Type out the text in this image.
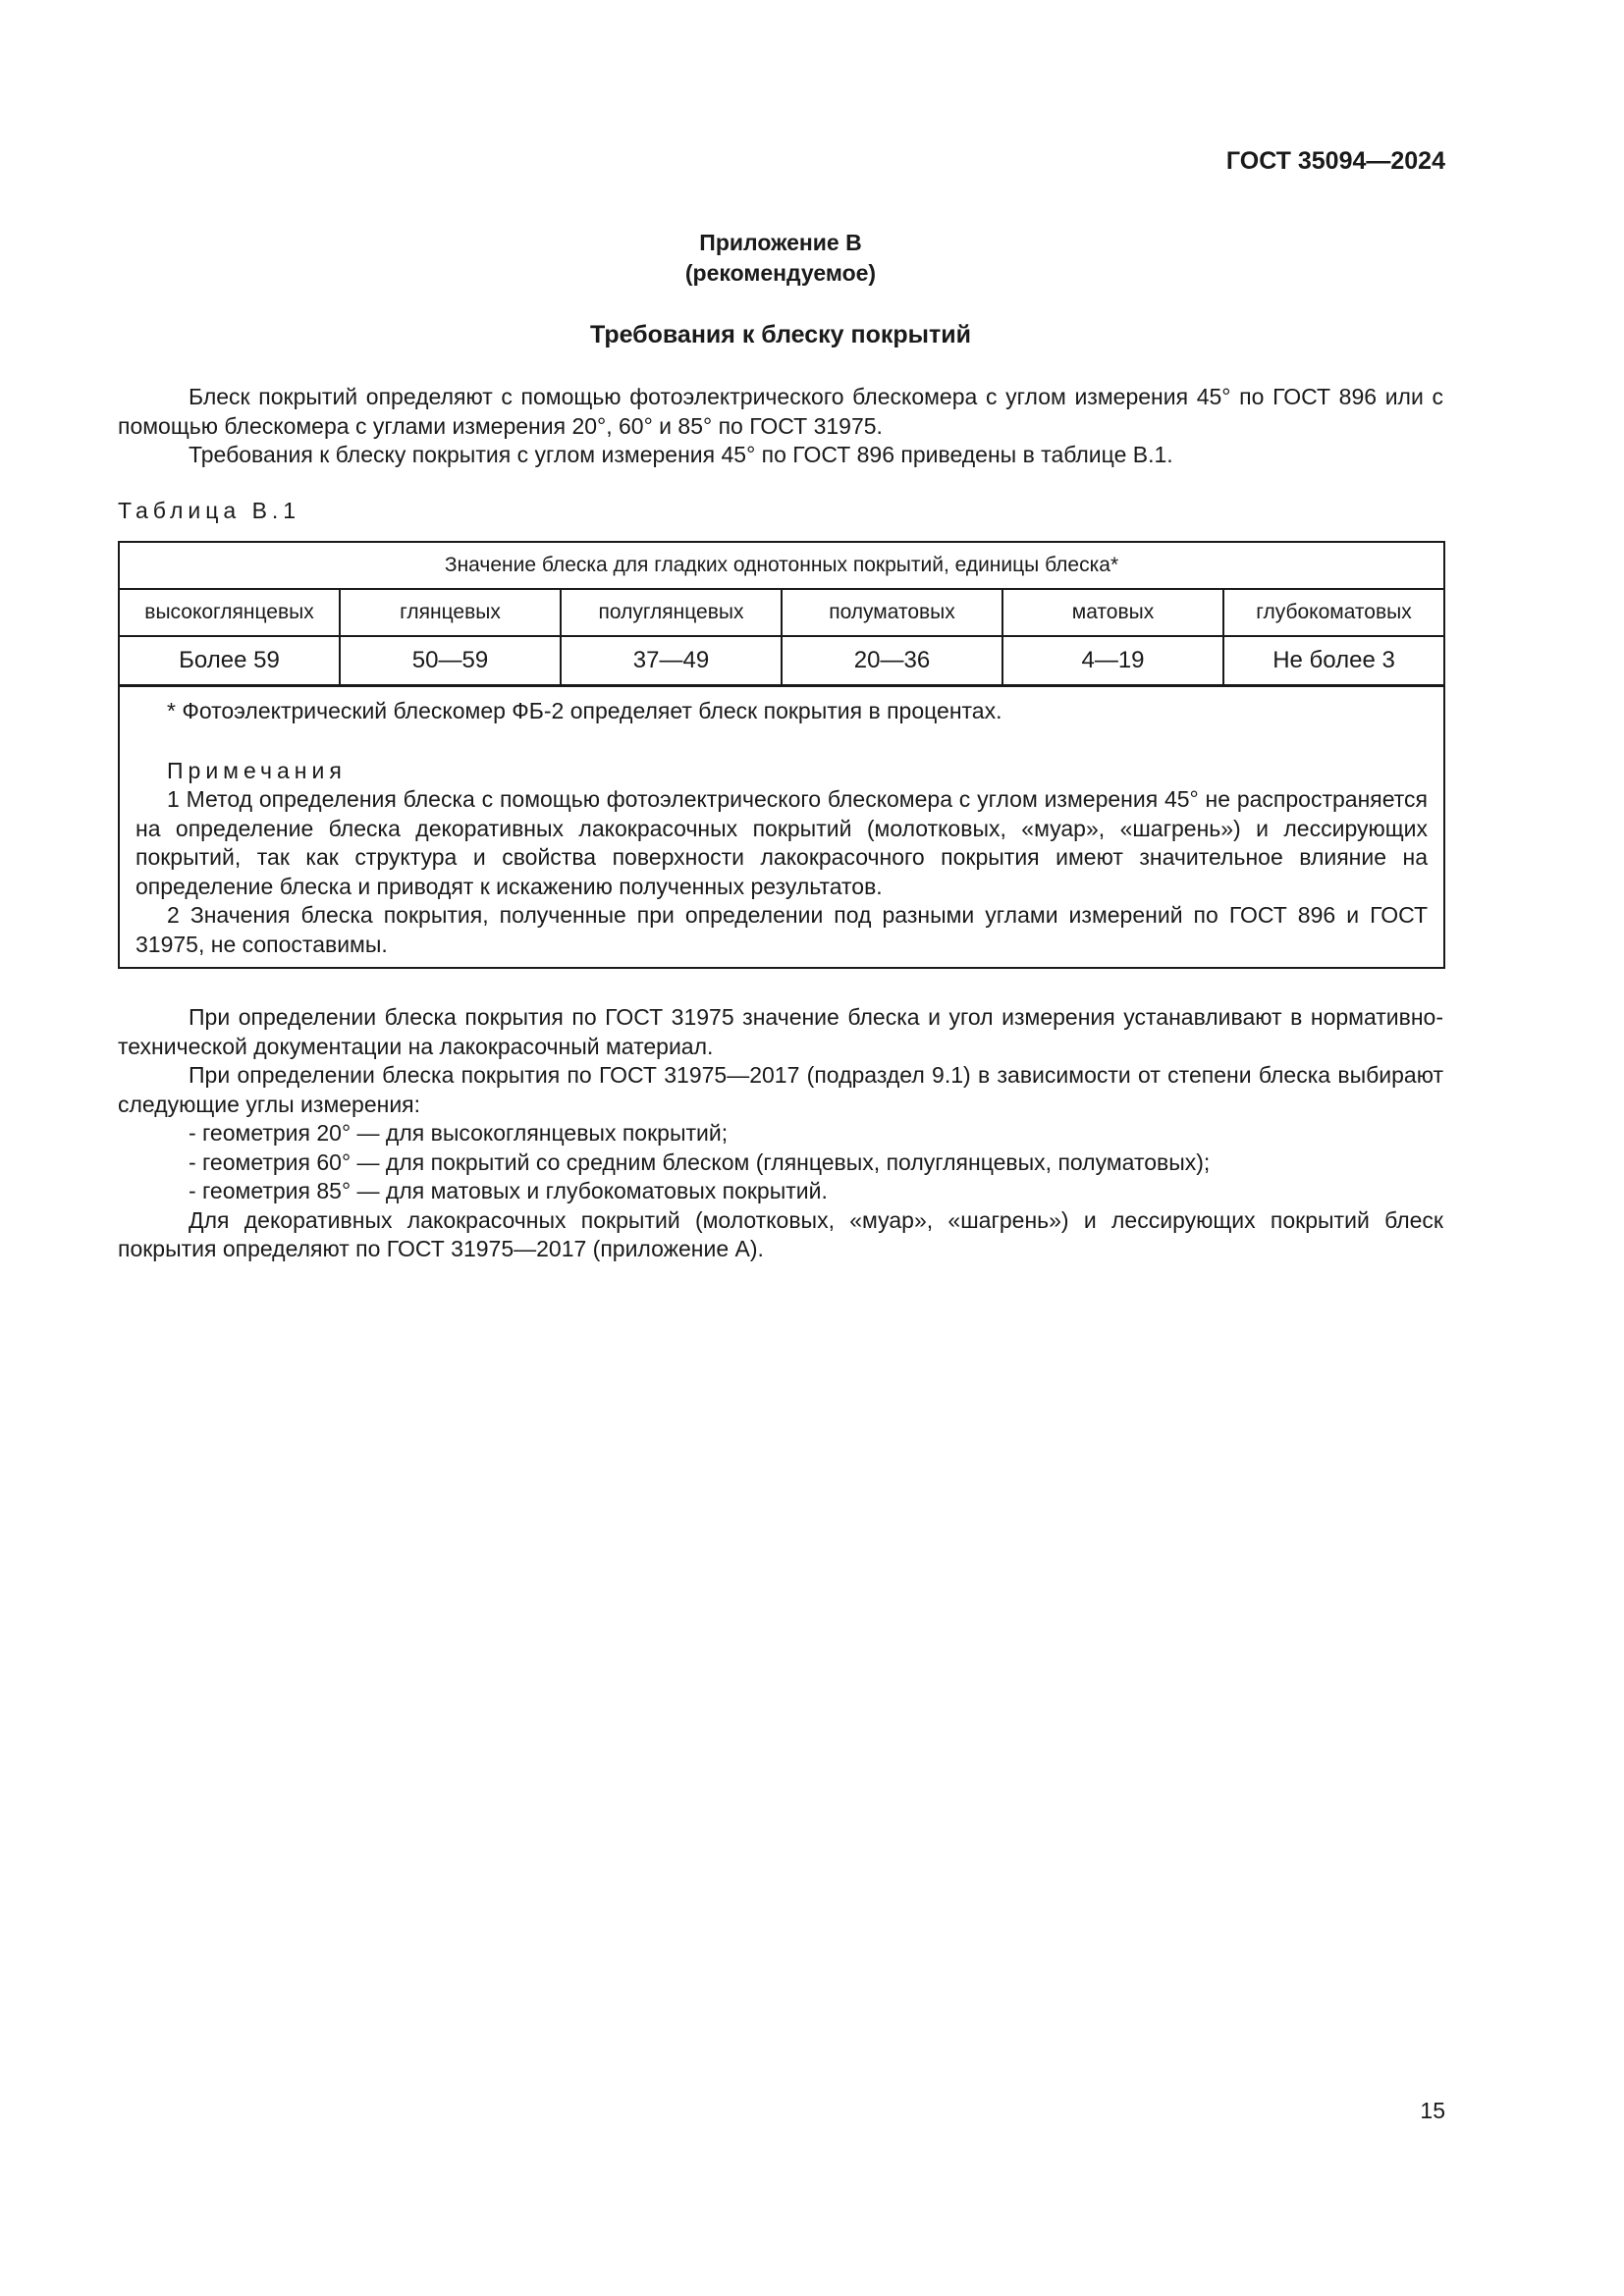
ГОСТ 35094—2024
Приложение В
(рекомендуемое)
Требования к блеску покрытий

Блеск покрытий определяют с помощью фотоэлектрического блескомера с углом измерения 45° по ГОСТ 896 или с помощью блескомера с углами измерения 20°, 60° и 85° по ГОСТ 31975.

Требования к блеску покрытия с углом измерения 45° по ГОСТ 896 приведены в таблице В.1.

Таблица В.1
Значение блеска для гладких однотонных покрытий, единицы блеска*					
высокоглянцевых	глянцевых	полуглянцевых	полуматовых	матовых	глубокоматовых
Более 59	50—59	37—49	20—36	4—19	Не более 3

* Фотоэлектрический блескомер ФБ-2 определяет блеск покрытия в процентах.

Примечания

1 Метод определения блеска с помощью фотоэлектрического блескомера с углом измерения 45° не распространяется на определение блеска декоративных лакокрасочных покрытий (молотковых, «муар», «шагрень») и лессирующих покрытий, так как структура и свойства поверхности лакокрасочного покрытия имеют значительное влияние на определение блеска и приводят к искажению полученных результатов.

2 Значения блеска покрытия, полученные при определении под разными углами измерений по ГОСТ 896 и ГОСТ 31975, не сопоставимы.					

При определении блеска покрытия по ГОСТ 31975 значение блеска и угол измерения устанавливают в нормативно-технической документации на лакокрасочный материал.

При определении блеска покрытия по ГОСТ 31975—2017 (подраздел 9.1) в зависимости от степени блеска выбирают следующие углы измерения:

- геометрия 20° — для высокоглянцевых покрытий;

- геометрия 60° — для покрытий со средним блеском (глянцевых, полуглянцевых, полуматовых);

- геометрия 85° — для матовых и глубокоматовых покрытий.

Для декоративных лакокрасочных покрытий (молотковых, «муар», «шагрень») и лессирующих покрытий блеск покрытия определяют по ГОСТ 31975—2017 (приложение А).

15
